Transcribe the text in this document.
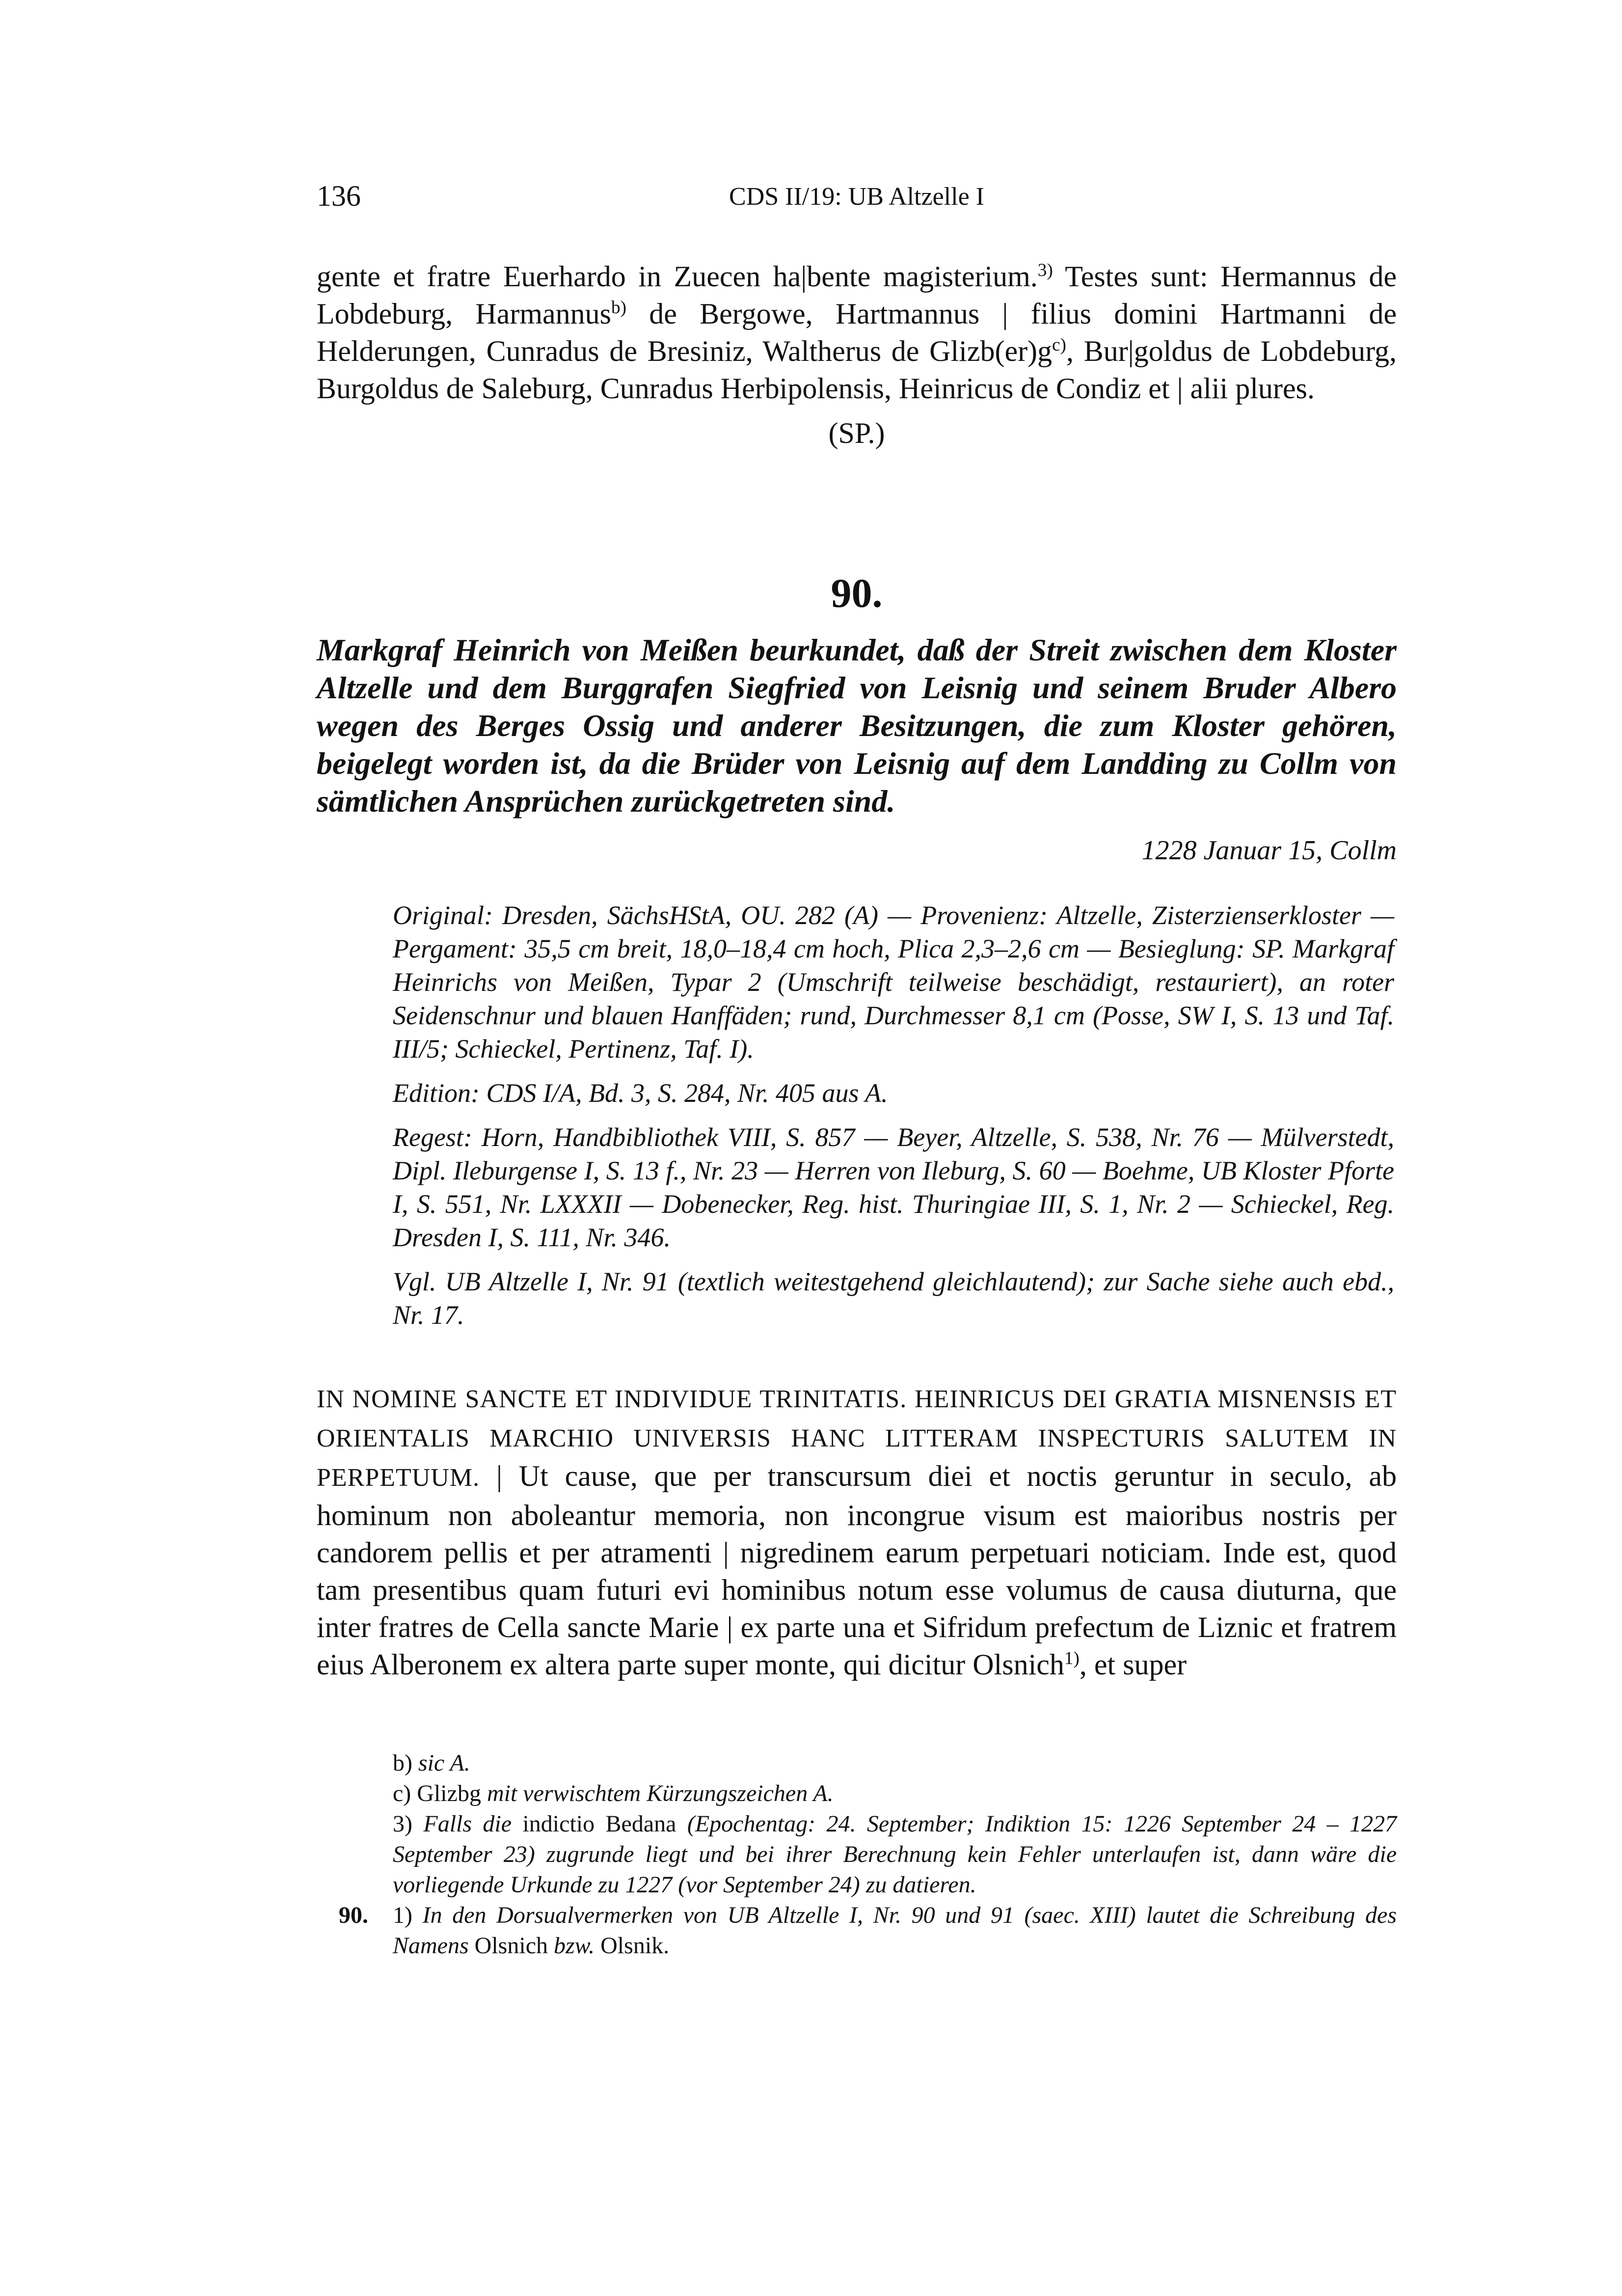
136	CDS II/19: UB Altzelle I
gente et fratre Euerhardo in Zuecen ha|bente magisterium.$^{3)}$ Testes sunt: Hermannus de Lobdeburg, Harmannus$^{b)}$ de Bergowe, Hartmannus | filius domini Hartmanni de Helderungen, Cunradus de Bresiniz, Waltherus de $Glizb(er)g^{c)}$, Bur|goldus de Lobdeburg, Burgoldus de Saleburg, Cunradus Herbipolensis, Heinricus de Condiz et | alii plures.
(SP.)
90.
Markgraf Heinrich von Meißen beurkundet, daß der Streit zwischen dem Kloster Altzelle und dem Burggrafen Siegfried von Leisnig und seinem Bruder Albero wegen des Berges Ossig und anderer Besitzungen, die zum Kloster gehören, beigelegt worden ist, da die Brüder von Leisnig auf dem Landding zu Collm von sämtlichen Ansprüchen zurückgetreten sind.
1228 Januar 15, Collm

Original: Dresden, SächsHStA, OU. 282 (A) — Provenienz: Altzelle, Zisterzienserkloster — Pergament: 35,5 cm breit, 18,0–18,4 cm hoch, Plica 2,3–2,6 cm — Besieglung: SP. Markgraf Heinrichs von Meißen, Typar 2 (Umschrift teilweise beschädigt, restauriert), an roter Seidenschnur und blauen Hanffäden; rund, Durchmesser 8,1 cm (Posse, SW I, S. 13 und Taf. III/5; Schieckel, Pertinenz, Taf. I).

Edition: CDS I/A, Bd. 3, S. 284, Nr. 405 aus A.

Regest: Horn, Handbibliothek VIII, S. 857 — Beyer, Altzelle, S. 538, Nr. 76 — Mülverstedt, Dipl. Ileburgense I, S. 13 f., Nr. 23 — Herren von Ileburg, S. 60 — Boehme, UB Kloster Pforte I, S. 551, Nr. LXXXII — Dobenecker, Reg. hist. Thuringiae III, S. 1, Nr. 2 — Schieckel, Reg. Dresden I, S. 111, Nr. 346.

Vgl. UB Altzelle I, Nr. 91 (textlich weitestgehend gleichlautend); zur Sache siehe auch ebd., Nr. 17.

IN NOMINE SANCTE ET INDIVIDUE TRINITATIS. HEINRICUS DEI GRATIA MISNENSIS ET ORIENTALIS MARCHIO UNIVERSIS HANC LITTERAM INSPECTURIS SALUTEM IN PERPETUUM. | Ut cause, que per transcursum diei et noctis geruntur in seculo, ab hominum non aboleantur memoria, non incongrue visum est maioribus nostris per candorem pellis et per atramenti | nigredinem earum perpetuari noticiam. Inde est, quod tam presentibus quam futuri evi hominibus notum esse volumus de causa diuturna, que inter fratres de Cella sancte Marie | ex parte una et Sifridum prefectum de Liznic et fratrem eius Alberonem ex altera parte super monte, qui dicitur Olsnich$^{1)}$, et super
b) sic A.
c) Glizbg mit verwischtem Kürzungszeichen A.
3) Falls die indictio Bedana (Epochentag: 24. September; Indiktion 15: 1226 September 24 – 1227 September 23) zugrunde liegt und bei ihrer Berechnung kein Fehler unterlaufen ist, dann wäre die vorliegende Urkunde zu 1227 (vor September 24) zu datieren.
90. 1) In den Dorsualvermerken von UB Altzelle I, Nr. 90 und 91 (saec. XIII) lautet die Schreibung des Namens Olsnich bzw. Olsnik.
